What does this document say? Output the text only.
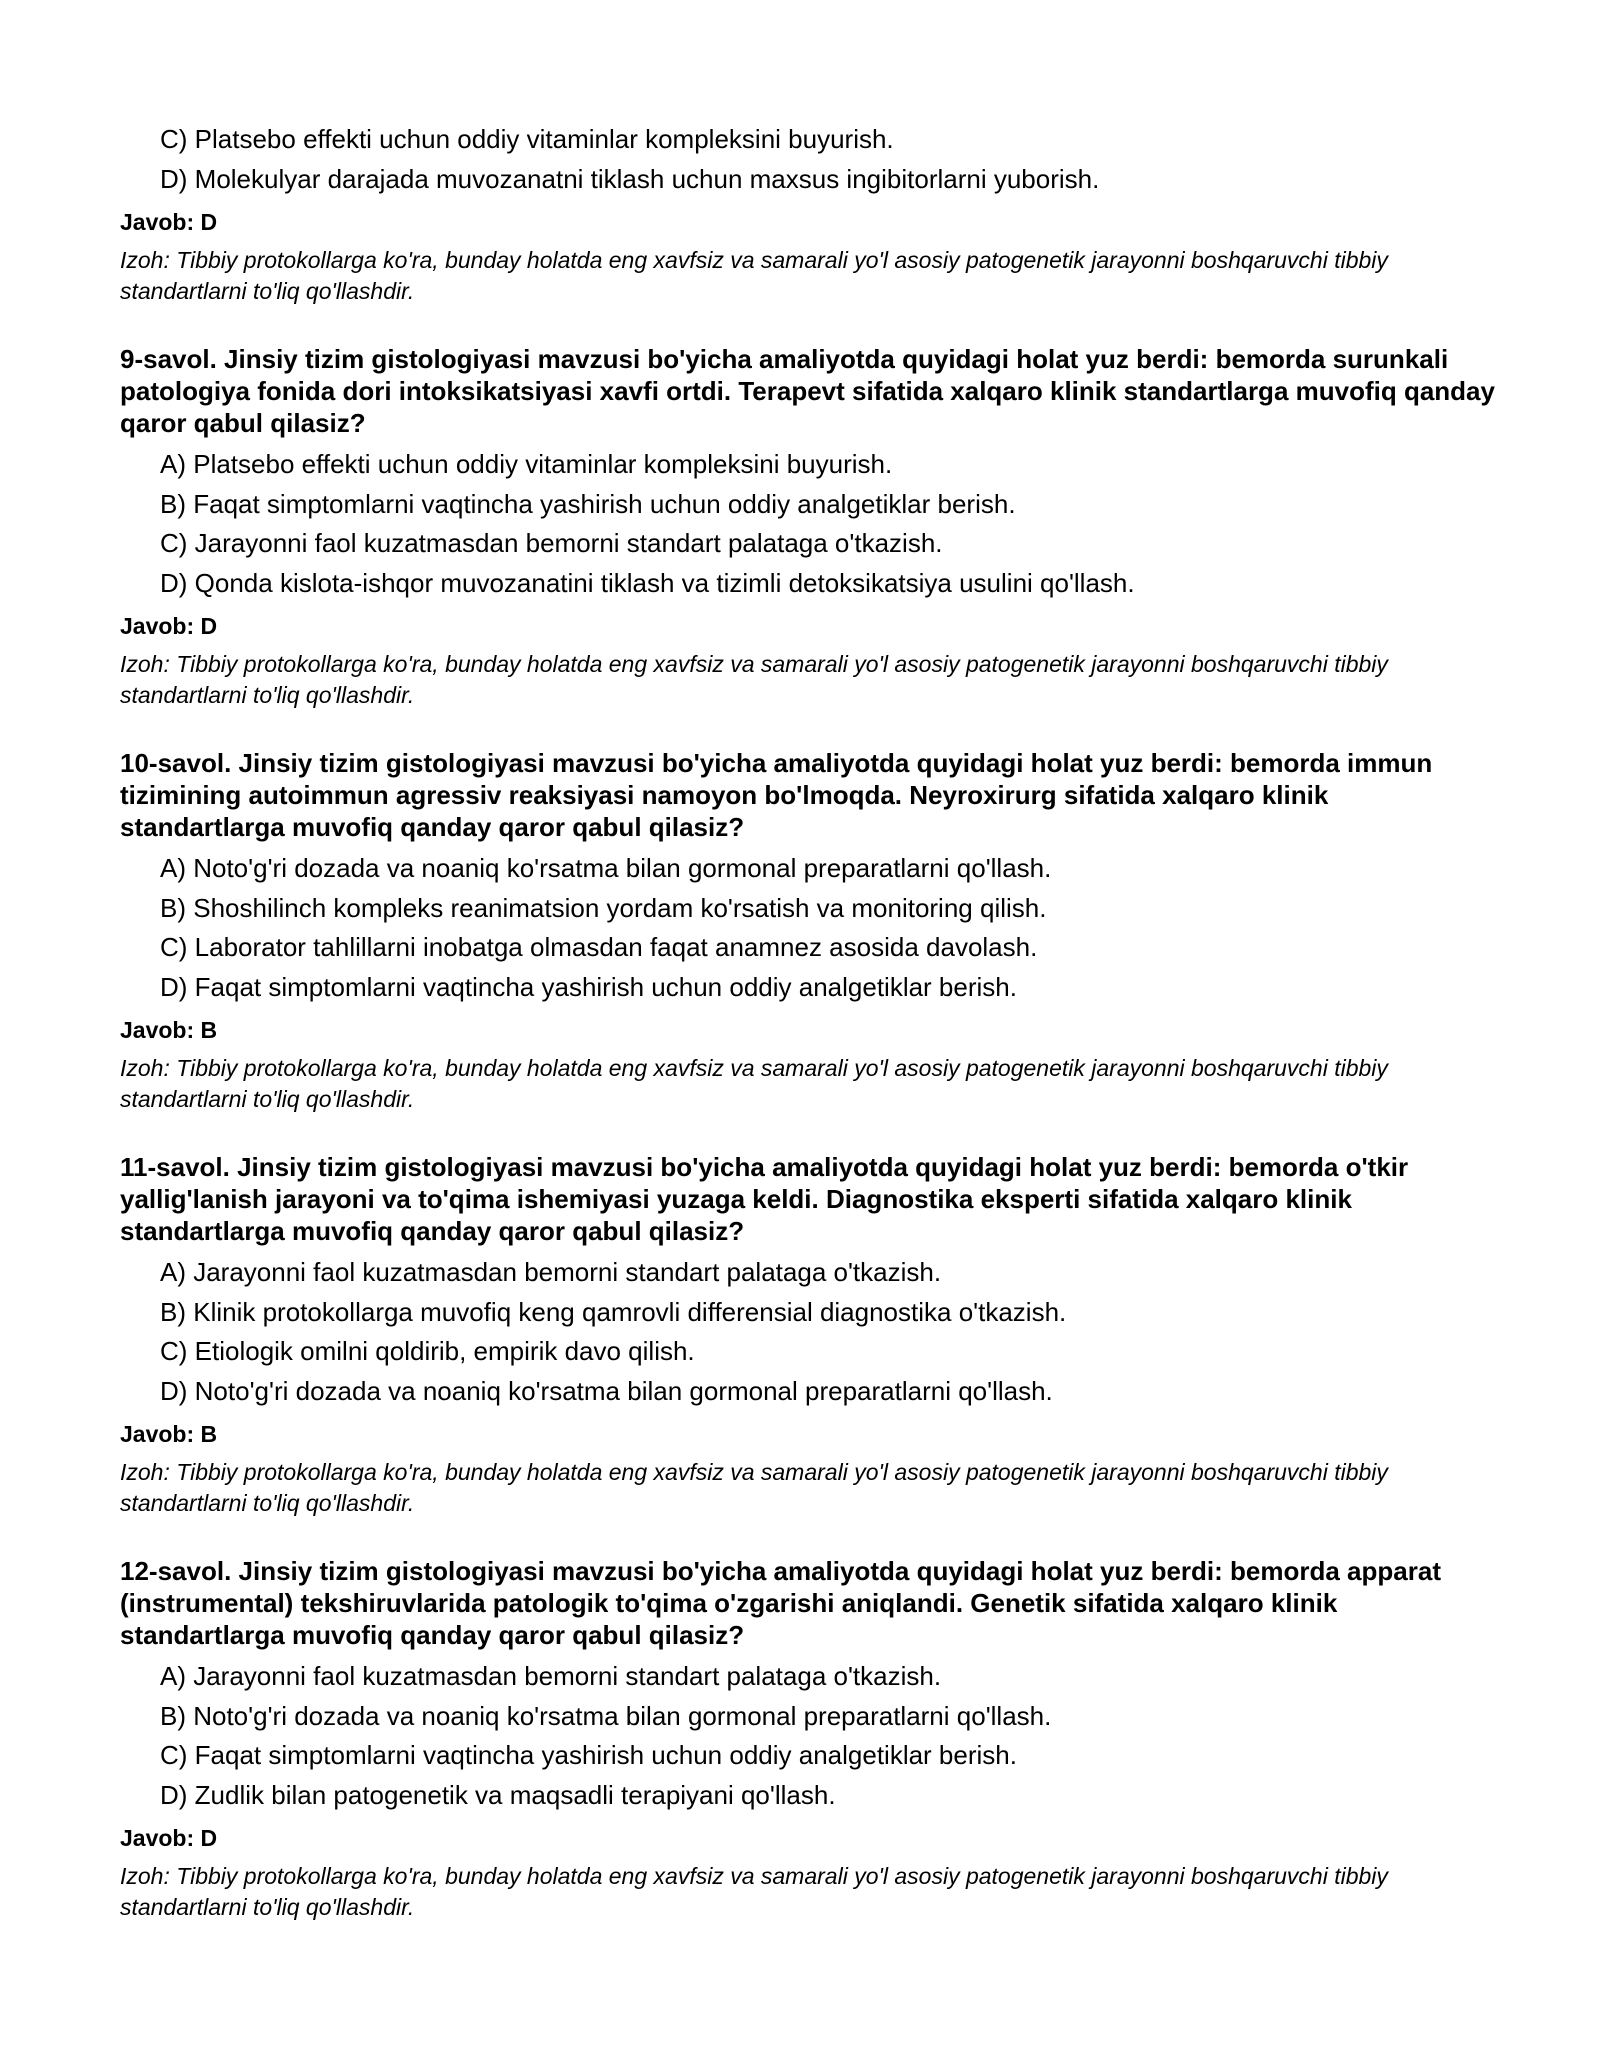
C) Platsebo effekti uchun oddiy vitaminlar kompleksini buyurish.
D) Molekulyar darajada muvozanatni tiklash uchun maxsus ingibitorlarni yuborish.
Javob: D
Izoh: Tibbiy protokollarga ko'ra, bunday holatda eng xavfsiz va samarali yo'l asosiy patogenetik jarayonni boshqaruvchi tibbiy standartlarni to'liq qo'llashdir.
9-savol. Jinsiy tizim gistologiyasi mavzusi bo'yicha amaliyotda quyidagi holat yuz berdi: bemorda surunkali patologiya fonida dori intoksikatsiyasi xavfi ortdi. Terapevt sifatida xalqaro klinik standartlarga muvofiq qanday qaror qabul qilasiz?
A) Platsebo effekti uchun oddiy vitaminlar kompleksini buyurish.
B) Faqat simptomlarni vaqtincha yashirish uchun oddiy analgetiklar berish.
C) Jarayonni faol kuzatmasdan bemorni standart palataga o'tkazish.
D) Qonda kislota-ishqor muvozanatini tiklash va tizimli detoksikatsiya usulini qo'llash.
Javob: D
Izoh: Tibbiy protokollarga ko'ra, bunday holatda eng xavfsiz va samarali yo'l asosiy patogenetik jarayonni boshqaruvchi tibbiy standartlarni to'liq qo'llashdir.
10-savol. Jinsiy tizim gistologiyasi mavzusi bo'yicha amaliyotda quyidagi holat yuz berdi: bemorda immun tizimining autoimmun agressiv reaksiyasi namoyon bo'lmoqda. Neyroxirurg sifatida xalqaro klinik standartlarga muvofiq qanday qaror qabul qilasiz?
A) Noto'g'ri dozada va noaniq ko'rsatma bilan gormonal preparatlarni qo'llash.
B) Shoshilinch kompleks reanimatsion yordam ko'rsatish va monitoring qilish.
C) Laborator tahlillarni inobatga olmasdan faqat anamnez asosida davolash.
D) Faqat simptomlarni vaqtincha yashirish uchun oddiy analgetiklar berish.
Javob: B
Izoh: Tibbiy protokollarga ko'ra, bunday holatda eng xavfsiz va samarali yo'l asosiy patogenetik jarayonni boshqaruvchi tibbiy standartlarni to'liq qo'llashdir.
11-savol. Jinsiy tizim gistologiyasi mavzusi bo'yicha amaliyotda quyidagi holat yuz berdi: bemorda o'tkir yallig'lanish jarayoni va to'qima ishemiyasi yuzaga keldi. Diagnostika eksperti sifatida xalqaro klinik standartlarga muvofiq qanday qaror qabul qilasiz?
A) Jarayonni faol kuzatmasdan bemorni standart palataga o'tkazish.
B) Klinik protokollarga muvofiq keng qamrovli differensial diagnostika o'tkazish.
C) Etiologik omilni qoldirib, empirik davo qilish.
D) Noto'g'ri dozada va noaniq ko'rsatma bilan gormonal preparatlarni qo'llash.
Javob: B
Izoh: Tibbiy protokollarga ko'ra, bunday holatda eng xavfsiz va samarali yo'l asosiy patogenetik jarayonni boshqaruvchi tibbiy standartlarni to'liq qo'llashdir.
12-savol. Jinsiy tizim gistologiyasi mavzusi bo'yicha amaliyotda quyidagi holat yuz berdi: bemorda apparat (instrumental) tekshiruvlarida patologik to'qima o'zgarishi aniqlandi. Genetik sifatida xalqaro klinik standartlarga muvofiq qanday qaror qabul qilasiz?
A) Jarayonni faol kuzatmasdan bemorni standart palataga o'tkazish.
B) Noto'g'ri dozada va noaniq ko'rsatma bilan gormonal preparatlarni qo'llash.
C) Faqat simptomlarni vaqtincha yashirish uchun oddiy analgetiklar berish.
D) Zudlik bilan patogenetik va maqsadli terapiyani qo'llash.
Javob: D
Izoh: Tibbiy protokollarga ko'ra, bunday holatda eng xavfsiz va samarali yo'l asosiy patogenetik jarayonni boshqaruvchi tibbiy standartlarni to'liq qo'llashdir.
